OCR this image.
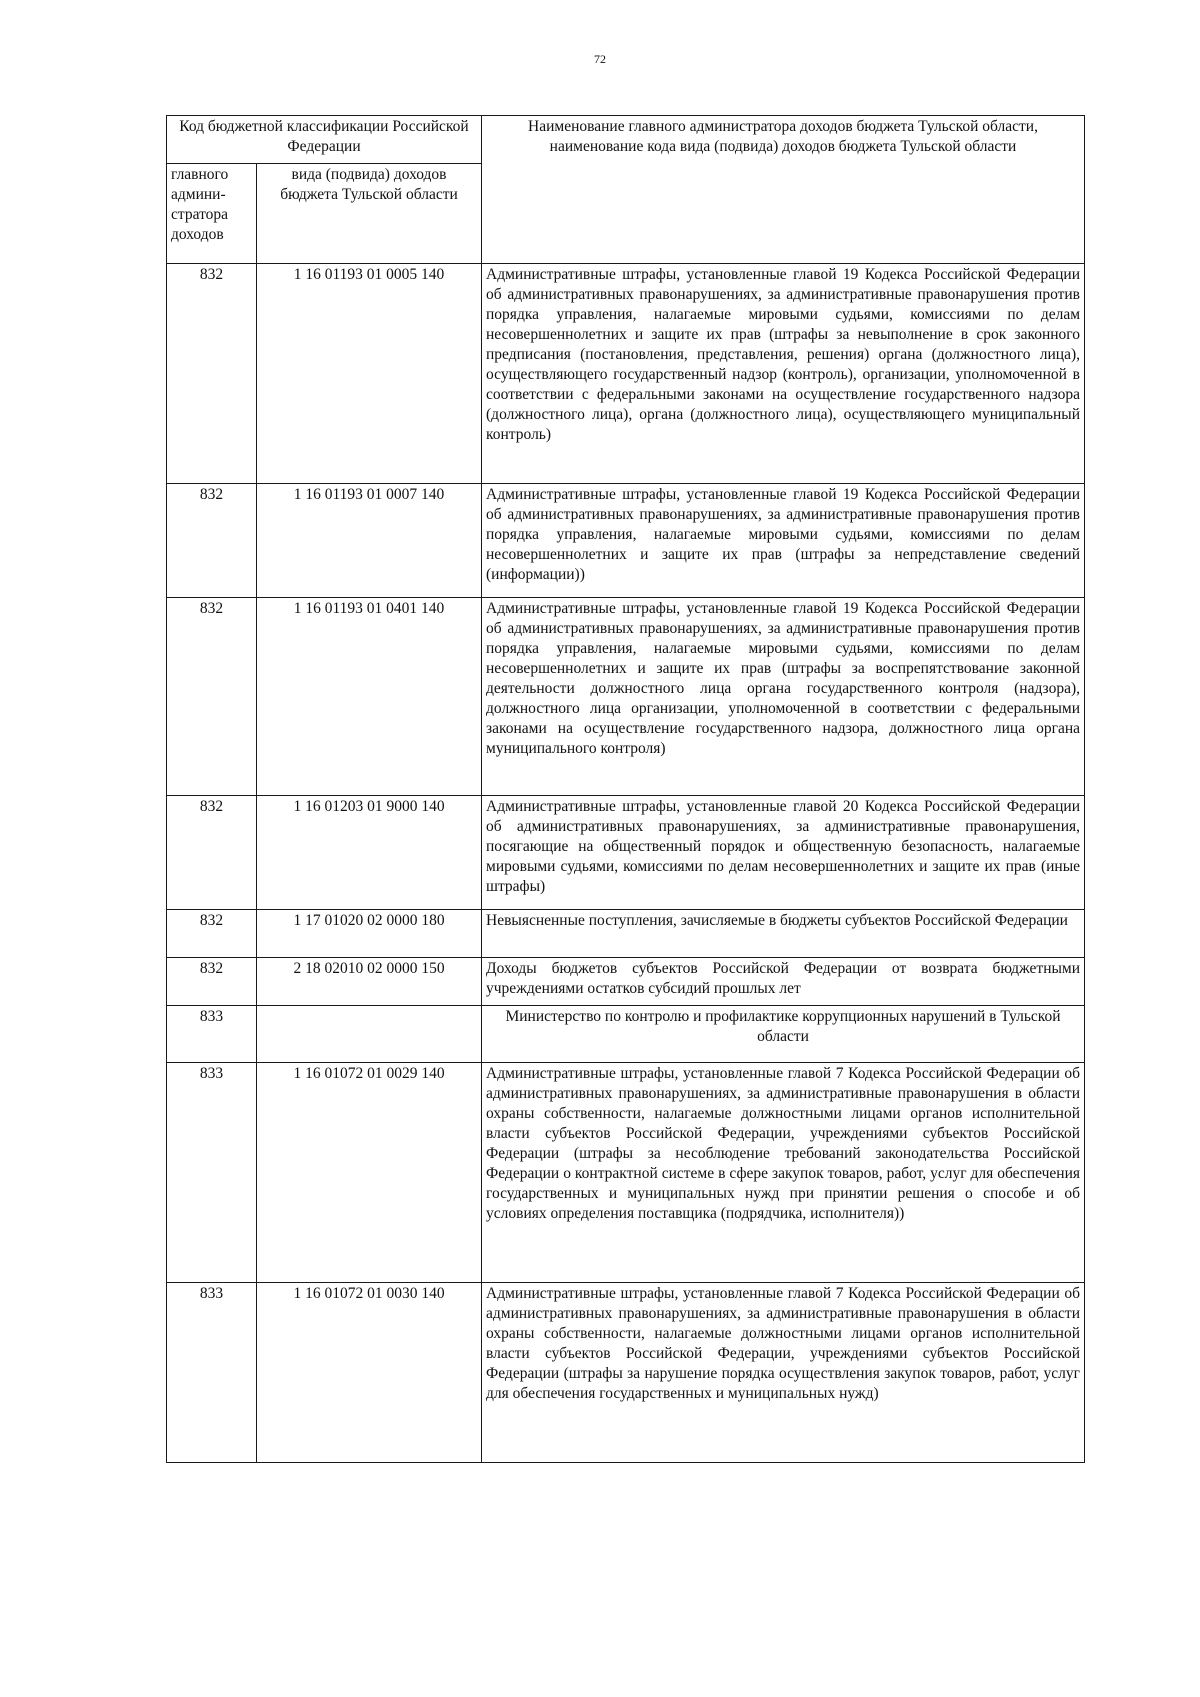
72
Код бюджетной классификации Российской Федерации		Наименование главного администратора доходов бюджета Тульской области, наименование кода вида (подвида) доходов бюджета Тульской области
главного админи-стратора доходов	вида (подвида) доходов бюджета Тульской области	
832	1 16 01193 01 0005 140	Административные штрафы, установленные главой 19 Кодекса Российской Федерации об административных правонарушениях, за административные правонарушения против порядка управления, налагаемые мировыми судьями, комиссиями по делам несовершеннолетних и защите их прав (штрафы за невыполнение в срок законного предписания (постановления, представления, решения) органа (должностного лица), осуществляющего государственный надзор (контроль), организации, уполномоченной в соответствии с федеральными законами на осуществление государственного надзора (должностного лица), органа (должностного лица), осуществляющего муниципальный контроль)
832	1 16 01193 01 0007 140	Административные штрафы, установленные главой 19 Кодекса Российской Федерации об административных правонарушениях, за административные правонарушения против порядка управления, налагаемые мировыми судьями, комиссиями по делам несовершеннолетних и защите их прав (штрафы за непредставление сведений (информации))
832	1 16 01193 01 0401 140	Административные штрафы, установленные главой 19 Кодекса Российской Федерации об административных правонарушениях, за административные правонарушения против порядка управления, налагаемые мировыми судьями, комиссиями по делам несовершеннолетних и защите их прав (штрафы за воспрепятствование законной деятельности должностного лица органа государственного контроля (надзора), должностного лица организации, уполномоченной в соответствии с федеральными законами на осуществление государственного надзора, должностного лица органа муниципального контроля)
832	1 16 01203 01 9000 140	Административные штрафы, установленные главой 20 Кодекса Российской Федерации об административных правонарушениях, за административные правонарушения, посягающие на общественный порядок и общественную безопасность, налагаемые мировыми судьями, комиссиями по делам несовершеннолетних и защите их прав (иные штрафы)
832	1 17 01020 02 0000 180	Невыясненные поступления, зачисляемые в бюджеты субъектов Российской Федерации
832	2 18 02010 02 0000 150	Доходы бюджетов субъектов Российской Федерации от возврата бюджетными учреждениями остатков субсидий прошлых лет
833		Министерство по контролю и профилактике коррупционных нарушений в Тульской области
833	1 16 01072 01 0029 140	Административные штрафы, установленные главой 7 Кодекса Российской Федерации об административных правонарушениях, за административные правонарушения в области охраны собственности, налагаемые должностными лицами органов исполнительной власти субъектов Российской Федерации, учреждениями субъектов Российской Федерации (штрафы за несоблюдение требований законодательства Российской Федерации о контрактной системе в сфере закупок товаров, работ, услуг для обеспечения государственных и муниципальных нужд при принятии решения о способе и об условиях определения поставщика (подрядчика, исполнителя))
833	1 16 01072 01 0030 140	Административные штрафы, установленные главой 7 Кодекса Российской Федерации об административных правонарушениях, за административные правонарушения в области охраны собственности, налагаемые должностными лицами органов исполнительной власти субъектов Российской Федерации, учреждениями субъектов Российской Федерации (штрафы за нарушение порядка осуществления закупок товаров, работ, услуг для обеспечения государственных и муниципальных нужд)
